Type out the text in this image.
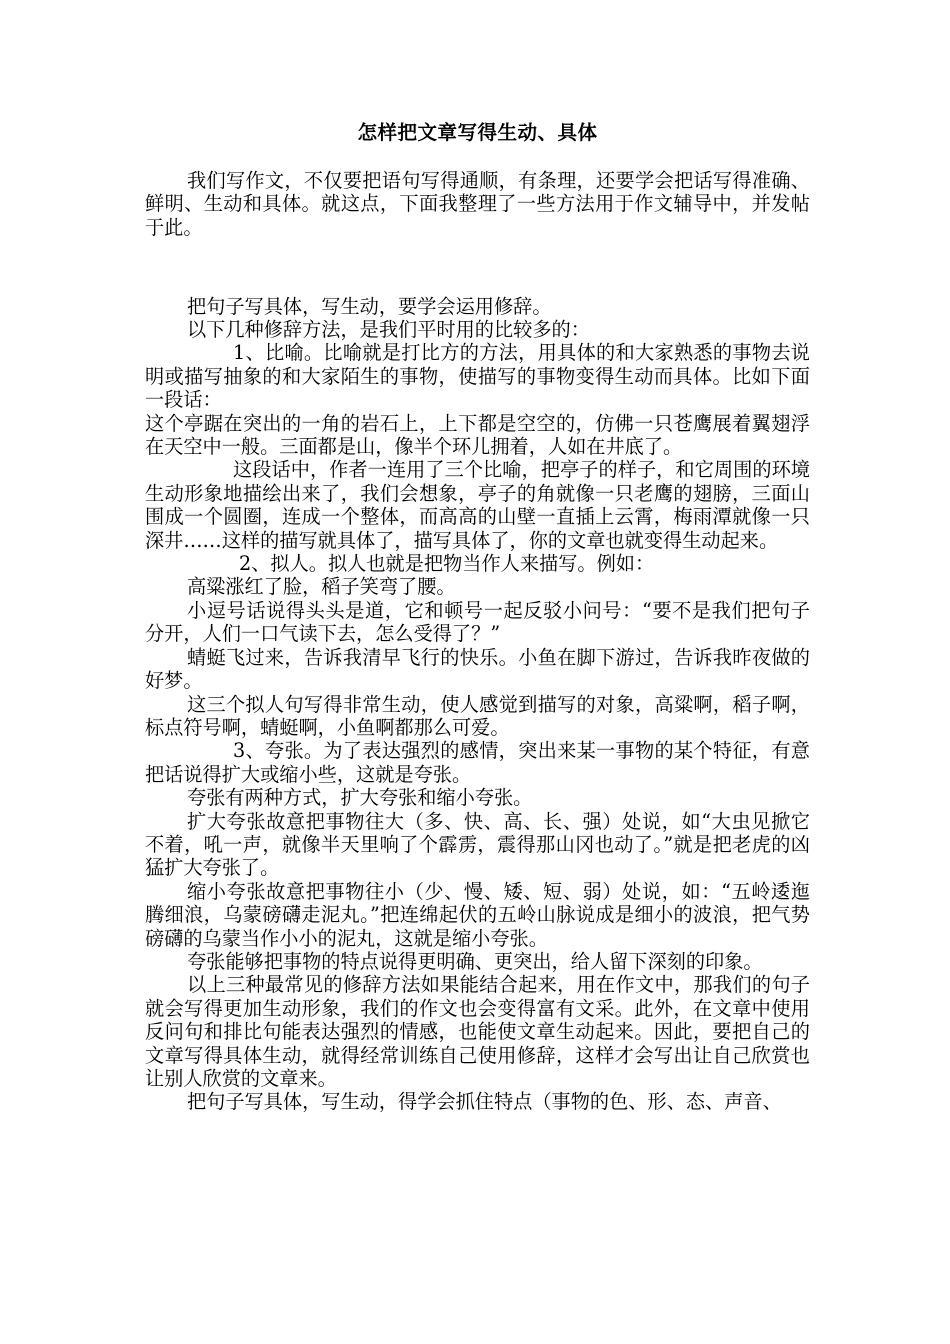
怎样把文章写得生动、具体

我们写作文，不仅要把语句写得通顺，有条理，还要学会把话写得准确、鲜明、生动和具体。就这点，下面我整理了一些方法用于作文辅导中，并发帖于此。

把句子写具体，写生动，要学会运用修辞。

以下几种修辞方法，是我们平时用的比较多的：

1、比喻。比喻就是打比方的方法，用具体的和大家熟悉的事物去说明或描写抽象的和大家陌生的事物，使描写的事物变得生动而具体。比如下面一段话：

这个亭踞在突出的一角的岩石上，上下都是空空的，仿佛一只苍鹰展着翼翅浮在天空中一般。三面都是山，像半个环儿拥着，人如在井底了。

这段话中，作者一连用了三个比喻，把亭子的样子，和它周围的环境生动形象地描绘出来了，我们会想象，亭子的角就像一只老鹰的翅膀，三面山围成一个圆圈，连成一个整体，而高高的山壁一直插上云霄，梅雨潭就像一只深井……这样的描写就具体了，描写具体了，你的文章也就变得生动起来。

2、拟人。拟人也就是把物当作人来描写。例如：

高粱涨红了脸，稻子笑弯了腰。

小逗号话说得头头是道，它和顿号一起反驳小问号：“要不是我们把句子分开，人们一口气读下去，怎么受得了？”

蜻蜓飞过来，告诉我清早飞行的快乐。小鱼在脚下游过，告诉我昨夜做的好梦。

这三个拟人句写得非常生动，使人感觉到描写的对象，高粱啊，稻子啊，标点符号啊，蜻蜓啊，小鱼啊都那么可爱。

3、夸张。为了表达强烈的感情，突出来某一事物的某个特征，有意把话说得扩大或缩小些，这就是夸张。

夸张有两种方式，扩大夸张和缩小夸张。

扩大夸张故意把事物往大（多、快、高、长、强）处说，如“大虫见掀它不着，吼一声，就像半天里响了个霹雳，震得那山冈也动了。”就是把老虎的凶猛扩大夸张了。

缩小夸张故意把事物往小（少、慢、矮、短、弱）处说，如：“五岭逶迤腾细浪，乌蒙磅礴走泥丸。”把连绵起伏的五岭山脉说成是细小的波浪，把气势磅礴的乌蒙当作小小的泥丸，这就是缩小夸张。

夸张能够把事物的特点说得更明确、更突出，给人留下深刻的印象。

以上三种最常见的修辞方法如果能结合起来，用在作文中，那我们的句子就会写得更加生动形象，我们的作文也会变得富有文采。此外，在文章中使用反问句和排比句能表达强烈的情感，也能使文章生动起来。因此，要把自己的文章写得具体生动，就得经常训练自己使用修辞，这样才会写出让自己欣赏也让别人欣赏的文章来。

把句子写具体，写生动，得学会抓住特点（事物的色、形、态、声音、
